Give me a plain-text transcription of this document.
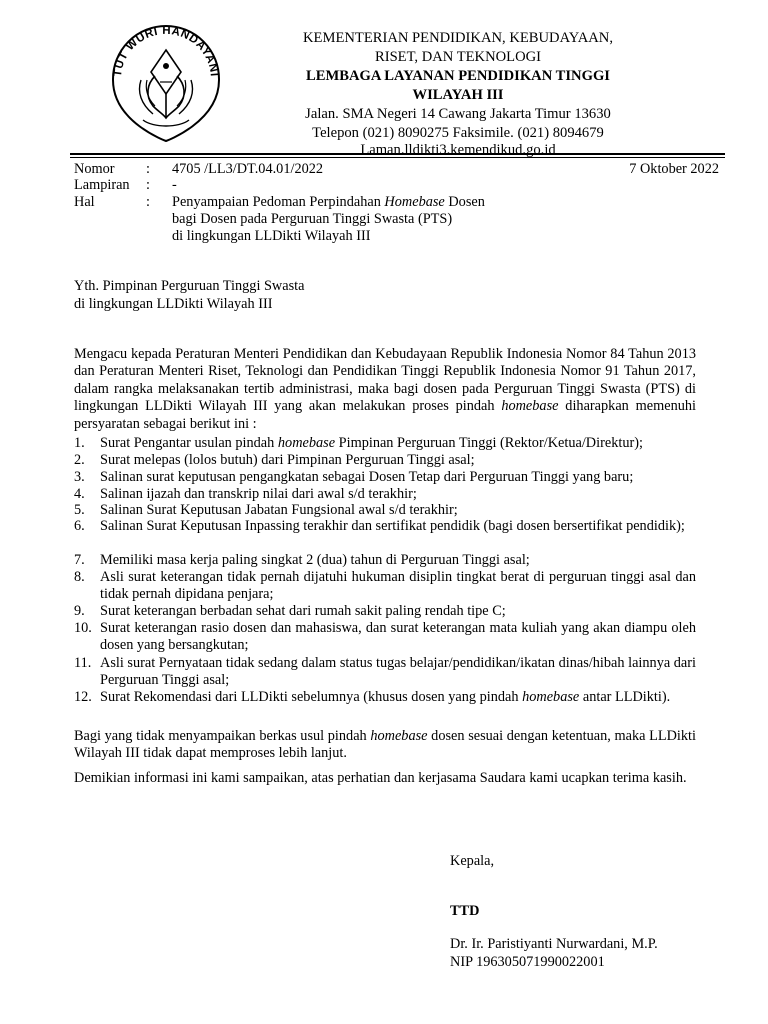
TUT WURI HANDAYANI
KEMENTERIAN PENDIDIKAN, KEBUDAYAAN,
RISET, DAN TEKNOLOGI
LEMBAGA LAYANAN PENDIDIKAN TINGGI
WILAYAH III
Jalan. SMA Negeri 14 Cawang Jakarta Timur 13630
Telepon (021) 8090275 Faksimile. (021) 8094679
Laman.lldikti3.kemendikud.go.id
Nomor : 4705 /LL3/DT.04.01/2022	7 Oktober 2022
Lampiran : -
Hal	: Penyampaian Pedoman Perpindahan Homebase Dosen
bagi Dosen pada Perguruan Tinggi Swasta (PTS)
di lingkungan LLDikti Wilayah III
Yth. Pimpinan Perguruan Tinggi Swasta
di lingkungan LLDikti Wilayah III
Mengacu kepada Peraturan Menteri Pendidikan dan Kebudayaan Republik Indonesia Nomor 84 Tahun 2013 dan Peraturan Menteri Riset, Teknologi dan Pendidikan Tinggi Republik Indonesia Nomor 91 Tahun 2017, dalam rangka melaksanakan tertib administrasi, maka bagi dosen pada Perguruan Tinggi Swasta (PTS) di lingkungan LLDikti Wilayah III yang akan melakukan proses pindah homebase diharapkan memenuhi persyaratan sebagai berikut ini :
1. Surat Pengantar usulan pindah homebase Pimpinan Perguruan Tinggi (Rektor/Ketua/Direktur);
2. Surat melepas (lolos butuh) dari Pimpinan Perguruan Tinggi asal;
3. Salinan surat keputusan pengangkatan sebagai Dosen Tetap dari Perguruan Tinggi yang baru;
4. Salinan ijazah dan transkrip nilai dari awal s/d terakhir;
5. Salinan Surat Keputusan Jabatan Fungsional awal s/d terakhir;
6. Salinan Surat Keputusan Inpassing terakhir dan sertifikat pendidik (bagi dosen bersertifikat pendidik);
7. Memiliki masa kerja paling singkat 2 (dua) tahun di Perguruan Tinggi asal;
8. Asli surat keterangan tidak pernah dijatuhi hukuman disiplin tingkat berat di perguruan tinggi asal dan tidak pernah dipidana penjara;
9. Surat keterangan berbadan sehat dari rumah sakit paling rendah tipe C;
10. Surat keterangan rasio dosen dan mahasiswa, dan surat keterangan mata kuliah yang akan diampu oleh dosen yang bersangkutan;
11. Asli surat Pernyataan tidak sedang dalam status tugas belajar/pendidikan/ikatan dinas/hibah lainnya dari Perguruan Tinggi asal;
12. Surat Rekomendasi dari LLDikti sebelumnya (khusus dosen yang pindah homebase antar LLDikti).
Bagi yang tidak menyampaikan berkas usul pindah homebase dosen sesuai dengan ketentuan, maka LLDikti Wilayah III tidak dapat memproses lebih lanjut.
Demikian informasi ini kami sampaikan, atas perhatian dan kerjasama Saudara kami ucapkan terima kasih.
Kepala,
TTD
Dr. Ir. Paristiyanti Nurwardani, M.P.
NIP 196305071990022001
